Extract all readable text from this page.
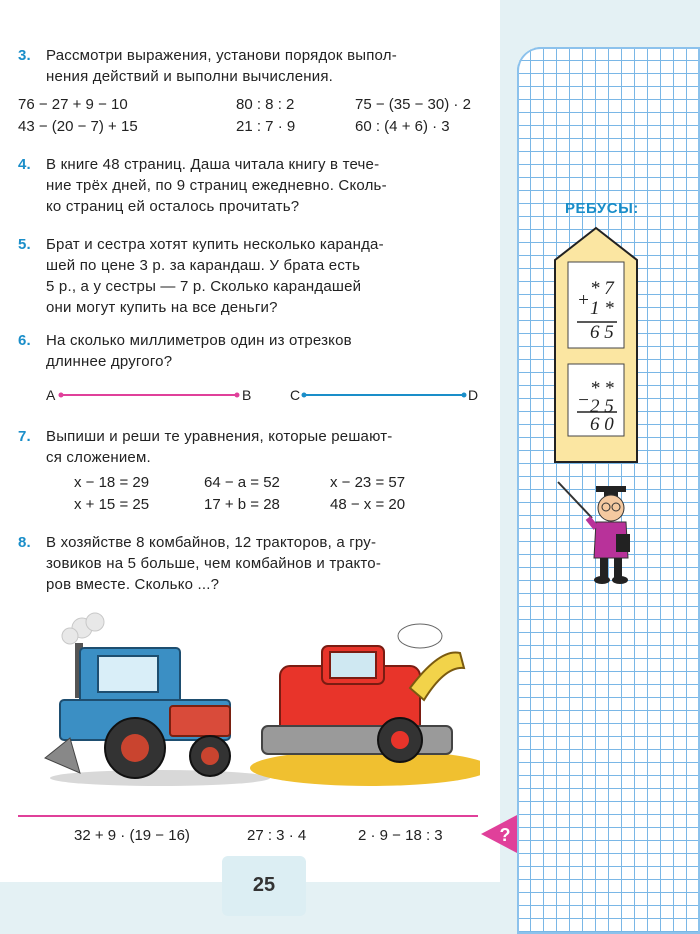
3. Рассмотри выражения, установи порядок выпол-
нения действий и выполни вычисления.
76 − 27 + 9 − 10	80 : 8 : 2	75 − (35 − 30) · 2
43 − (20 − 7) + 15	21 : 7 · 9	60 : (4 + 6) · 3
4. В книге 48 страниц. Даша читала книгу в тече-
ние трёх дней, по 9 страниц ежедневно. Сколь-
ко страниц ей осталось прочитать?
5. Брат и сестра хотят купить несколько каранда-
шей по цене 3 р. за карандаш. У брата есть
5 р., а у сестры — 7 р. Сколько карандашей
они могут купить на все деньги?
6. На сколько миллиметров один из отрезков
длиннее другого?
A	B	C	D
7. Выпиши и реши те уравнения, которые решают-
ся сложением.
x − 18 = 29	64 − a = 52	x − 23 = 57
x + 15 = 25	17 + b = 28	48 − x = 20
8. В хозяйстве 8 комбайнов, 12 тракторов, а гру-
зовиков на 5 больше, чем комбайнов и тракто-
ров вместе. Сколько ...?
32 + 9 · (19 − 16)	27 : 3 · 4	2 · 9 − 18 : 3
25
?
РЕБУСЫ:
+
* 7
1 *
6 5
−
* *
2 5
6 0
